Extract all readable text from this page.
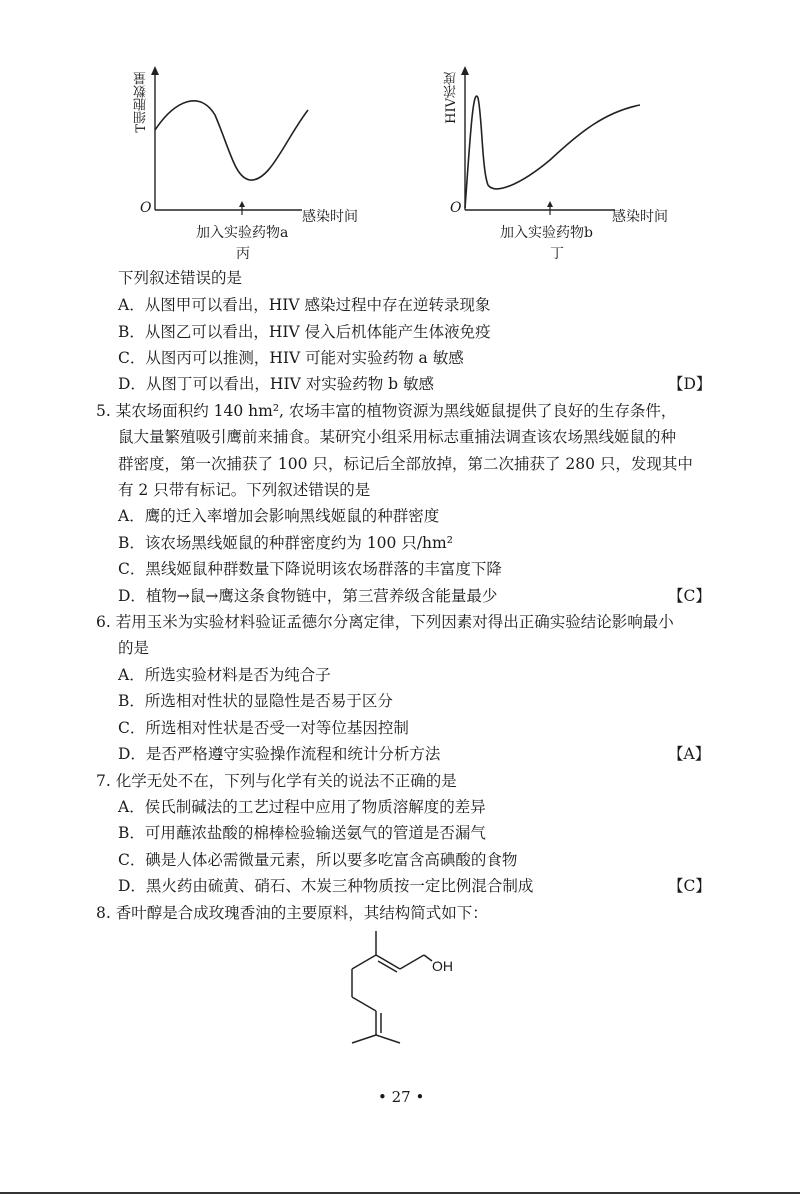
T细胞数量
O
感染时间
加入实验药物a
丙
HIV浓度
O
感染时间
加入实验药物b
丁
下列叙述错误的是
A．从图甲可以看出，HIV 感染过程中存在逆转录现象
B．从图乙可以看出，HIV 侵入后机体能产生体液免疫
C．从图丙可以推测，HIV 可能对实验药物 a 敏感
D．从图丁可以看出，HIV 对实验药物 b 敏感	【D】
5. 某农场面积约 140 hm², 农场丰富的植物资源为黑线姬鼠提供了良好的生存条件，
鼠大量繁殖吸引鹰前来捕食。某研究小组采用标志重捕法调查该农场黑线姬鼠的种
群密度，第一次捕获了 100 只，标记后全部放掉，第二次捕获了 280 只，发现其中
有 2 只带有标记。下列叙述错误的是
A．鹰的迁入率增加会影响黑线姬鼠的种群密度
B．该农场黑线姬鼠的种群密度约为 100 只/hm²
C．黑线姬鼠种群数量下降说明该农场群落的丰富度下降
D．植物→鼠→鹰这条食物链中，第三营养级含能量最少	【C】
6. 若用玉米为实验材料验证孟德尔分离定律，下列因素对得出正确实验结论影响最小
的是
A．所选实验材料是否为纯合子
B．所选相对性状的显隐性是否易于区分
C．所选相对性状是否受一对等位基因控制
D．是否严格遵守实验操作流程和统计分析方法	【A】
7. 化学无处不在，下列与化学有关的说法不正确的是
A．侯氏制碱法的工艺过程中应用了物质溶解度的差异
B．可用蘸浓盐酸的棉棒检验输送氨气的管道是否漏气
C．碘是人体必需微量元素，所以要多吃富含高碘酸的食物
D．黑火药由硫黄、硝石、木炭三种物质按一定比例混合制成	【C】
8. 香叶醇是合成玫瑰香油的主要原料，其结构简式如下：
OH
• 27 •
